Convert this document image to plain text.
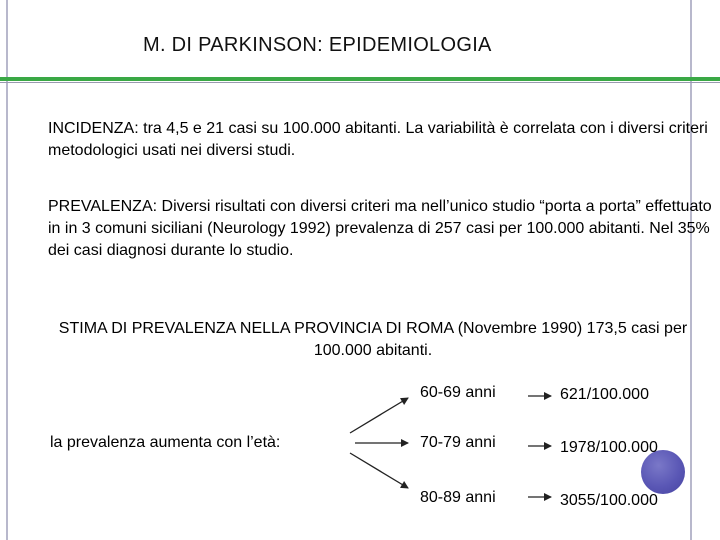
M. DI PARKINSON: EPIDEMIOLOGIA
INCIDENZA: tra 4,5 e 21 casi su 100.000 abitanti. La variabilità è correlata con i diversi criteri metodologici usati nei diversi studi.
PREVALENZA: Diversi risultati con diversi criteri ma nell’unico studio “porta a porta” effettuato in in 3 comuni siciliani (Neurology 1992) prevalenza di 257 casi per 100.000 abitanti. Nel 35% dei casi diagnosi durante lo studio.
STIMA DI PREVALENZA NELLA PROVINCIA DI ROMA (Novembre 1990) 173,5 casi per 100.000 abitanti.
la prevalenza aumenta con l’età:
60-69 anni
70-79 anni
80-89 anni
621/100.000
1978/100.000
3055/100.000
